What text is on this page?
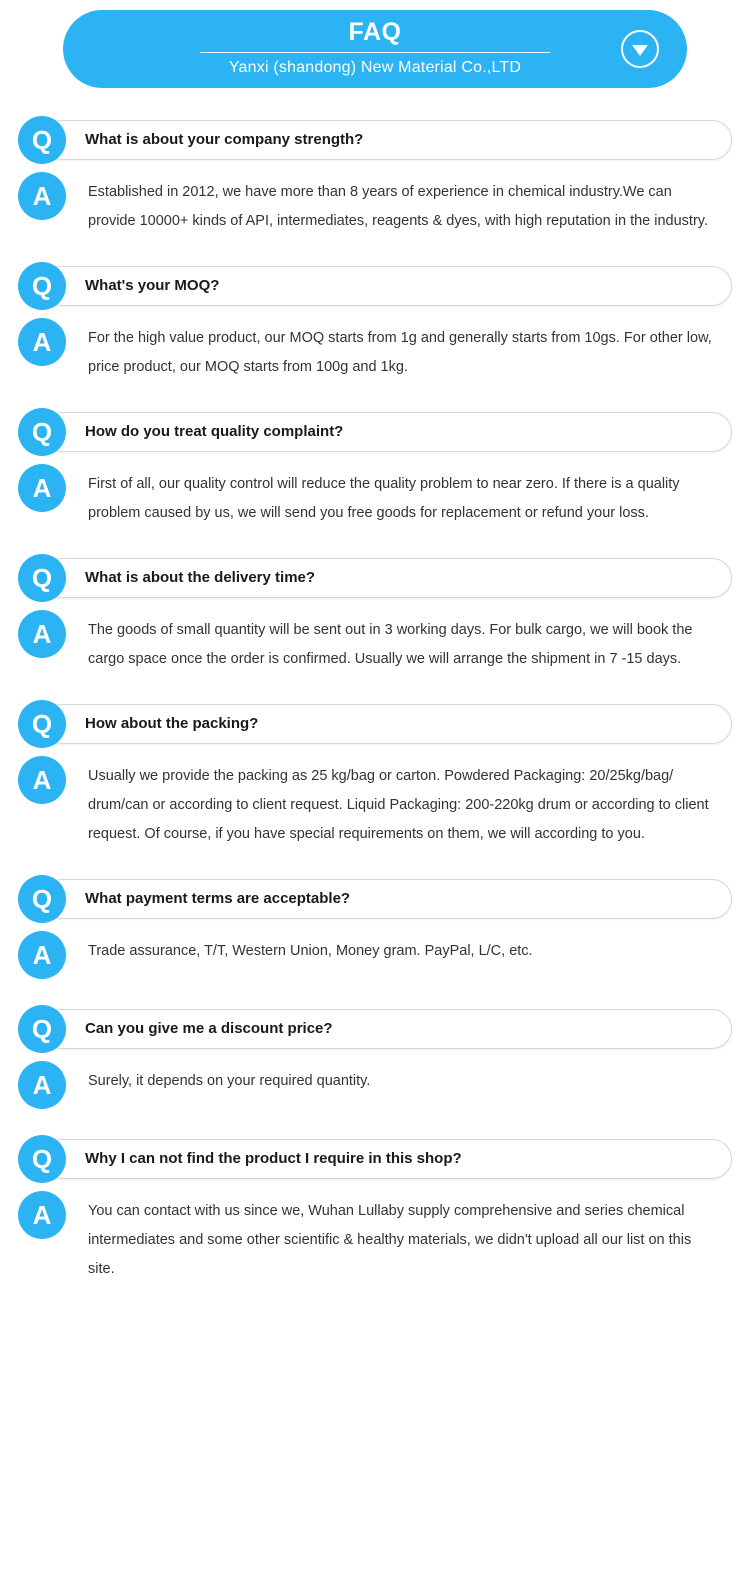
FAQ
Yanxi (shandong) New Material Co.,LTD
Q	What is about your company strength?
A	Established in 2012, we have more than 8 years of experience in chemical industry.We can provide 10000+ kinds of API, intermediates, reagents & dyes, with high reputation in the industry.
Q	What's your MOQ?
A	For the high value product, our MOQ starts from 1g and generally starts from 10gs. For other low, price product, our MOQ starts from 100g and 1kg.
Q	How do you treat quality complaint?
A	First of all, our quality control will reduce the quality problem to near zero. If there is a quality problem caused by us, we will send you free goods for replacement or refund your loss.
Q	What is about the delivery time?
A	The goods of small quantity will be sent out in 3 working days. For bulk cargo, we will book the cargo space once the order is confirmed. Usually we will arrange the shipment in 7 -15 days.
Q	How about the packing?
A	Usually we provide the packing as 25 kg/bag or carton. Powdered Packaging: 20/25kg/bag/ drum/can or according to client request. Liquid Packaging: 200-220kg drum or according to client request. Of course, if you have special requirements on them, we will according to you.
Q	What payment terms are acceptable?
A	Trade assurance, T/T, Western Union, Money gram. PayPal, L/C, etc.
Q	Can you give me a discount price?
A	Surely, it depends on your required quantity.
Q	Why I can not find the product I require in this shop?
A	You can contact with us since we, Wuhan Lullaby supply comprehensive and series chemical intermediates and some other scientific & healthy materials, we didn't upload all our list on this site.
